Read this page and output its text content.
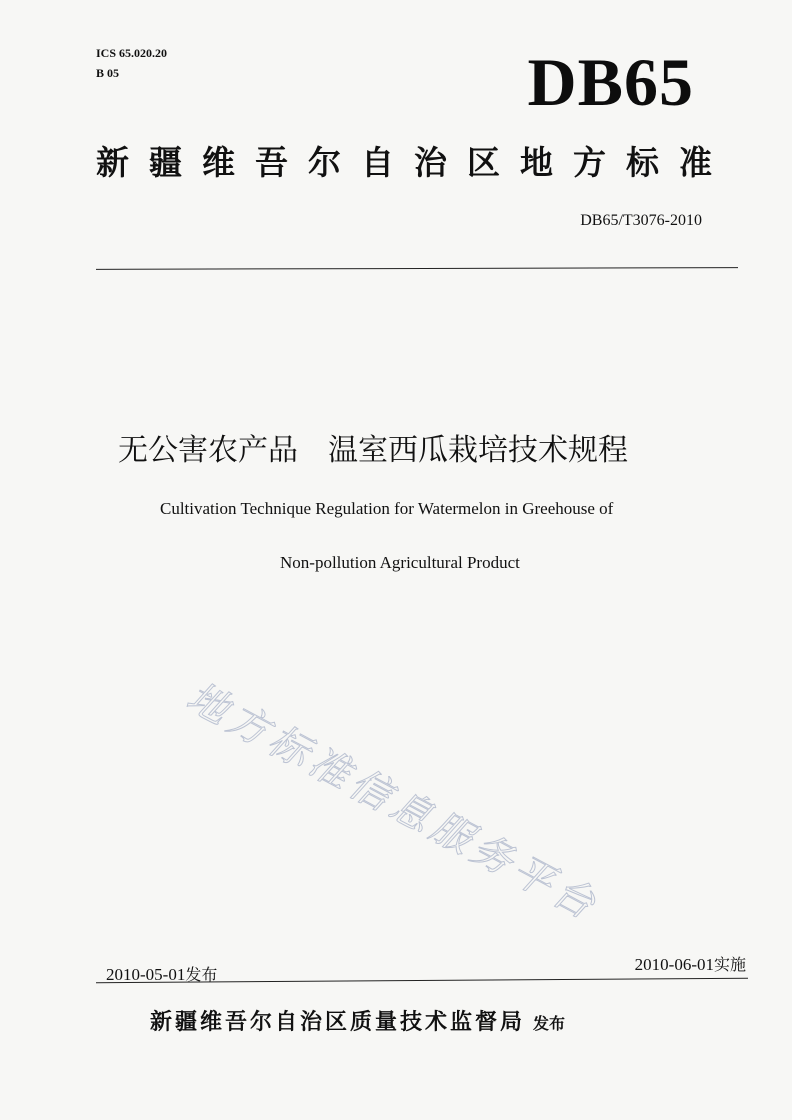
ICS 65.020.20
B 05	DB65
新疆维吾尔自治区地方标准
DB65/T3076-2010
无公害农产品 温室西瓜栽培技术规程
Cultivation Technique Regulation for Watermelon in Greehouse of
Non-pollution Agricultural Product
地方标准信息服务平台
2010-05-01发布
2010-06-01实施
新疆维吾尔自治区质量技术监督局 发布
